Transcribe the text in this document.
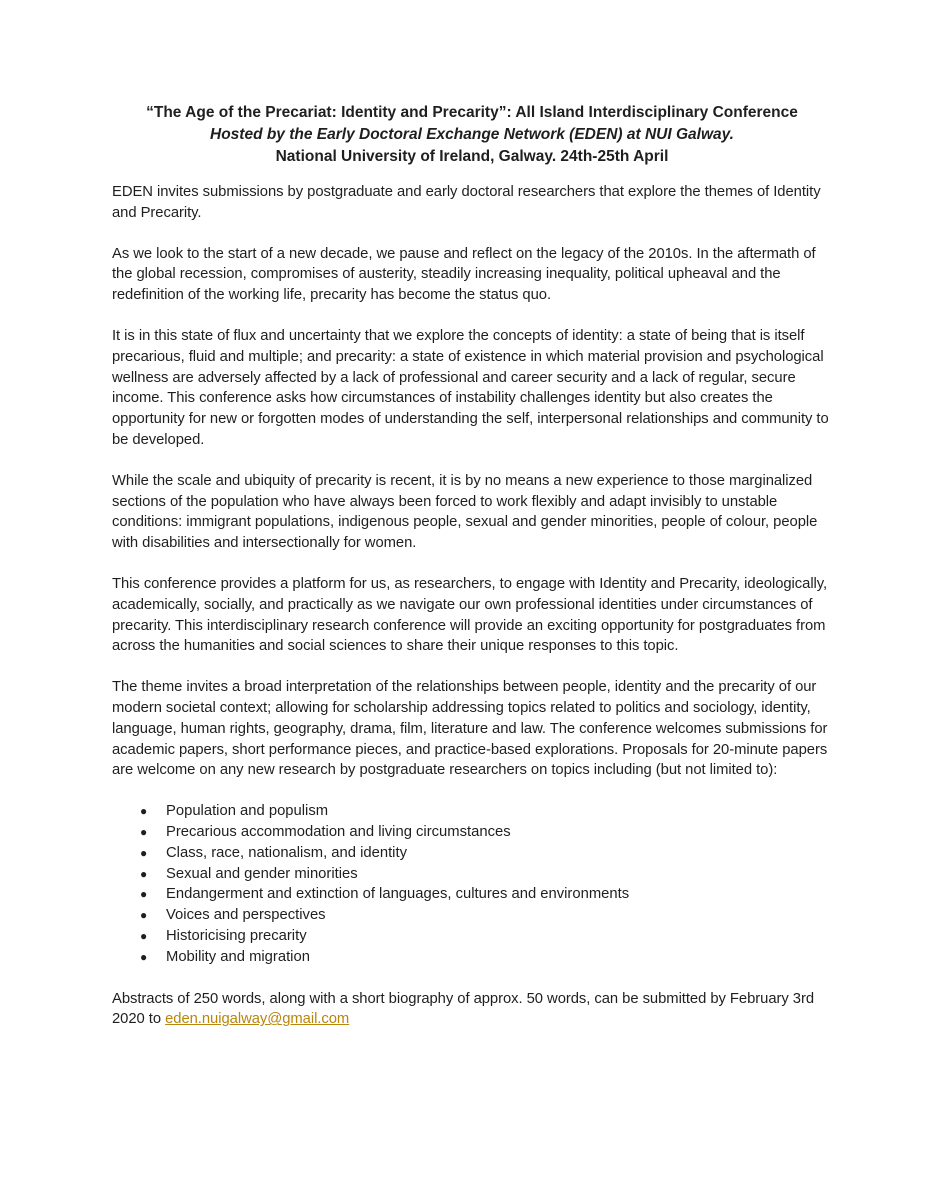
“The Age of the Precariat: Identity and Precarity”: All Island Interdisciplinary Conference
Hosted by the Early Doctoral Exchange Network (EDEN) at NUI Galway.
National University of Ireland, Galway. 24th-25th April

EDEN invites submissions by postgraduate and early doctoral researchers that explore the themes of Identity and Precarity.

As we look to the start of a new decade, we pause and reflect on the legacy of the 2010s. In the aftermath of the global recession, compromises of austerity, steadily increasing inequality, political upheaval and the redefinition of the working life, precarity has become the status quo.

It is in this state of flux and uncertainty that we explore the concepts of identity: a state of being that is itself precarious, fluid and multiple; and precarity: a state of existence in which material provision and psychological wellness are adversely affected by a lack of professional and career security and a lack of regular, secure income. This conference asks how circumstances of instability challenges identity but also creates the opportunity for new or forgotten modes of understanding the self, interpersonal relationships and community to be developed.

While the scale and ubiquity of precarity is recent, it is by no means a new experience to those marginalized sections of the population who have always been forced to work flexibly and adapt invisibly to unstable conditions: immigrant populations, indigenous people, sexual and gender minorities, people of colour, people with disabilities and intersectionally for women.

This conference provides a platform for us, as researchers, to engage with Identity and Precarity, ideologically, academically, socially, and practically as we navigate our own professional identities under circumstances of precarity. This interdisciplinary research conference will provide an exciting opportunity for postgraduates from across the humanities and social sciences to share their unique responses to this topic.

The theme invites a broad interpretation of the relationships between people, identity and the precarity of our modern societal context; allowing for scholarship addressing topics related to politics and sociology, identity, language, human rights, geography, drama, film, literature and law. The conference welcomes submissions for academic papers, short performance pieces, and practice-based explorations. Proposals for 20-minute papers are welcome on any new research by postgraduate researchers on topics including (but not limited to):

● Population and populism
● Precarious accommodation and living circumstances
● Class, race, nationalism, and identity
● Sexual and gender minorities
● Endangerment and extinction of languages, cultures and environments
● Voices and perspectives
● Historicising precarity
● Mobility and migration

Abstracts of 250 words, along with a short biography of approx. 50 words, can be submitted by February 3rd 2020 to eden.nuigalway@gmail.com
